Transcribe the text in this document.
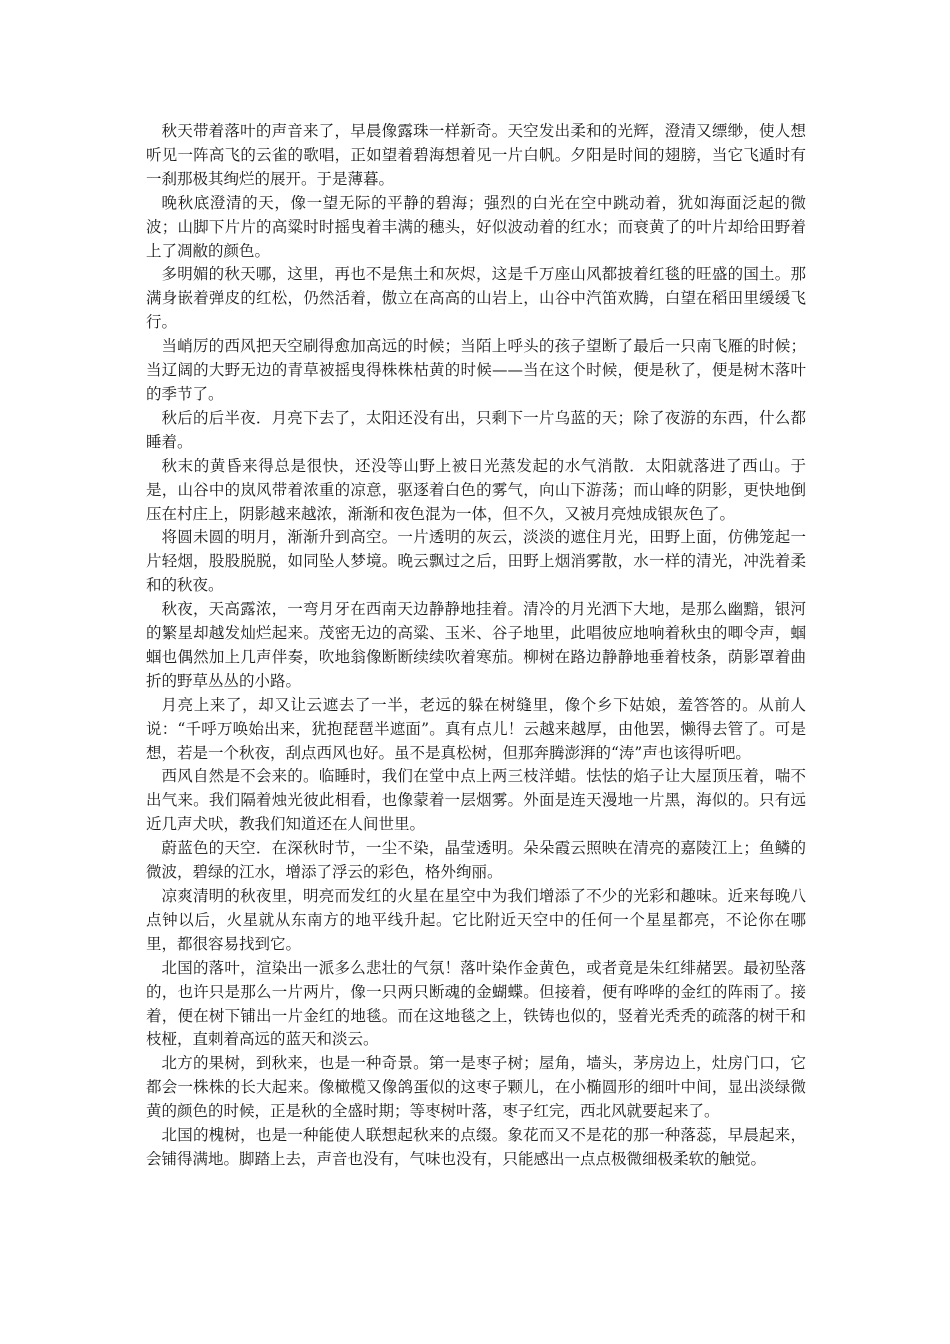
秋天带着落叶的声音来了，早晨像露珠一样新奇。天空发出柔和的光辉，澄清又缥缈，使人想听见一阵高飞的云雀的歌唱，正如望着碧海想着见一片白帆。夕阳是时间的翅膀，当它飞遁时有一刹那极其绚烂的展开。于是薄暮。

晚秋底澄清的天，像一望无际的平静的碧海；强烈的白光在空中跳动着，犹如海面泛起的微波；山脚下片片的高粱时时摇曳着丰满的穗头，好似波动着的红水；而衰黄了的叶片却给田野着上了凋敝的颜色。

多明媚的秋天哪，这里，再也不是焦土和灰烬，这是千万座山风都披着红毯的旺盛的国土。那满身嵌着弹皮的红松，仍然活着，傲立在高高的山岩上，山谷中汽笛欢腾，白望在稻田里缓缓飞行。

当峭厉的西风把天空刷得愈加高远的时候；当陌上呼头的孩子望断了最后一只南飞雁的时候；当辽阔的大野无边的青草被摇曳得株株枯黄的时候——当在这个时候，便是秋了，便是树木落叶的季节了。

秋后的后半夜．月亮下去了，太阳还没有出，只剩下一片乌蓝的天；除了夜游的东西，什么都睡着。

秋末的黄昏来得总是很快，还没等山野上被日光蒸发起的水气消散．太阳就落进了西山。于是，山谷中的岚风带着浓重的凉意，驱逐着白色的雾气，向山下游荡；而山峰的阴影，更快地倒压在村庄上，阴影越来越浓，渐渐和夜色混为一体，但不久，又被月亮烛成银灰色了。

将圆未圆的明月，渐渐升到高空。一片透明的灰云，淡淡的遮住月光，田野上面，仿佛笼起一片轻烟，股股脱脱，如同坠人梦境。晚云飘过之后，田野上烟消雾散，水一样的清光，冲洗着柔和的秋夜。

秋夜，天高露浓，一弯月牙在西南天边静静地挂着。清冷的月光洒下大地，是那么幽黯，银河的繁星却越发灿烂起来。茂密无边的高粱、玉米、谷子地里，此唱彼应地响着秋虫的唧令声，蝈蝈也偶然加上几声伴奏，吹地翁像断断续续吹着寒茄。柳树在路边静静地垂着枝条，荫影罩着曲折的野草丛丛的小路。

月亮上来了，却又让云遮去了一半，老远的躲在树缝里，像个乡下姑娘，羞答答的。从前人说：“千呼万唤始出来，犹抱琵琶半遮面”。真有点儿！云越来越厚，由他罢，懒得去管了。可是想，若是一个秋夜，刮点西风也好。虽不是真松树，但那奔腾澎湃的“涛”声也该得听吧。

西风自然是不会来的。临睡时，我们在堂中点上两三枝洋蜡。怯怯的焰子让大屋顶压着，喘不出气来。我们隔着烛光彼此相看，也像蒙着一层烟雾。外面是连天漫地一片黑，海似的。只有远近几声犬吠，教我们知道还在人间世里。

蔚蓝色的天空．在深秋时节，一尘不染，晶莹透明。朵朵霞云照映在清亮的嘉陵江上；鱼鳞的微波，碧绿的江水，增添了浮云的彩色，格外绚丽。

凉爽清明的秋夜里，明亮而发红的火星在星空中为我们增添了不少的光彩和趣味。近来每晚八点钟以后，火星就从东南方的地平线升起。它比附近天空中的任何一个星星都亮，不论你在哪里，都很容易找到它。

北国的落叶，渲染出一派多么悲壮的气氛！落叶染作金黄色，或者竟是朱红绯赭罢。最初坠落的，也许只是那么一片两片，像一只两只断魂的金蝴蝶。但接着，便有哗哗的金红的阵雨了。接着，便在树下铺出一片金红的地毯。而在这地毯之上，铁铸也似的，竖着光秃秃的疏落的树干和枝桠，直刺着高远的蓝天和淡云。

北方的果树，到秋来，也是一种奇景。第一是枣子树；屋角，墙头，茅房边上，灶房门口，它都会一株株的长大起来。像橄榄又像鸽蛋似的这枣子颗儿，在小椭圆形的细叶中间，显出淡绿微黄的颜色的时候，正是秋的全盛时期；等枣树叶落，枣子红完，西北风就要起来了。

北国的槐树，也是一种能使人联想起秋来的点缀。象花而又不是花的那一种落蕊，早晨起来，会铺得满地。脚踏上去，声音也没有，气味也没有，只能感出一点点极微细极柔软的触觉。
